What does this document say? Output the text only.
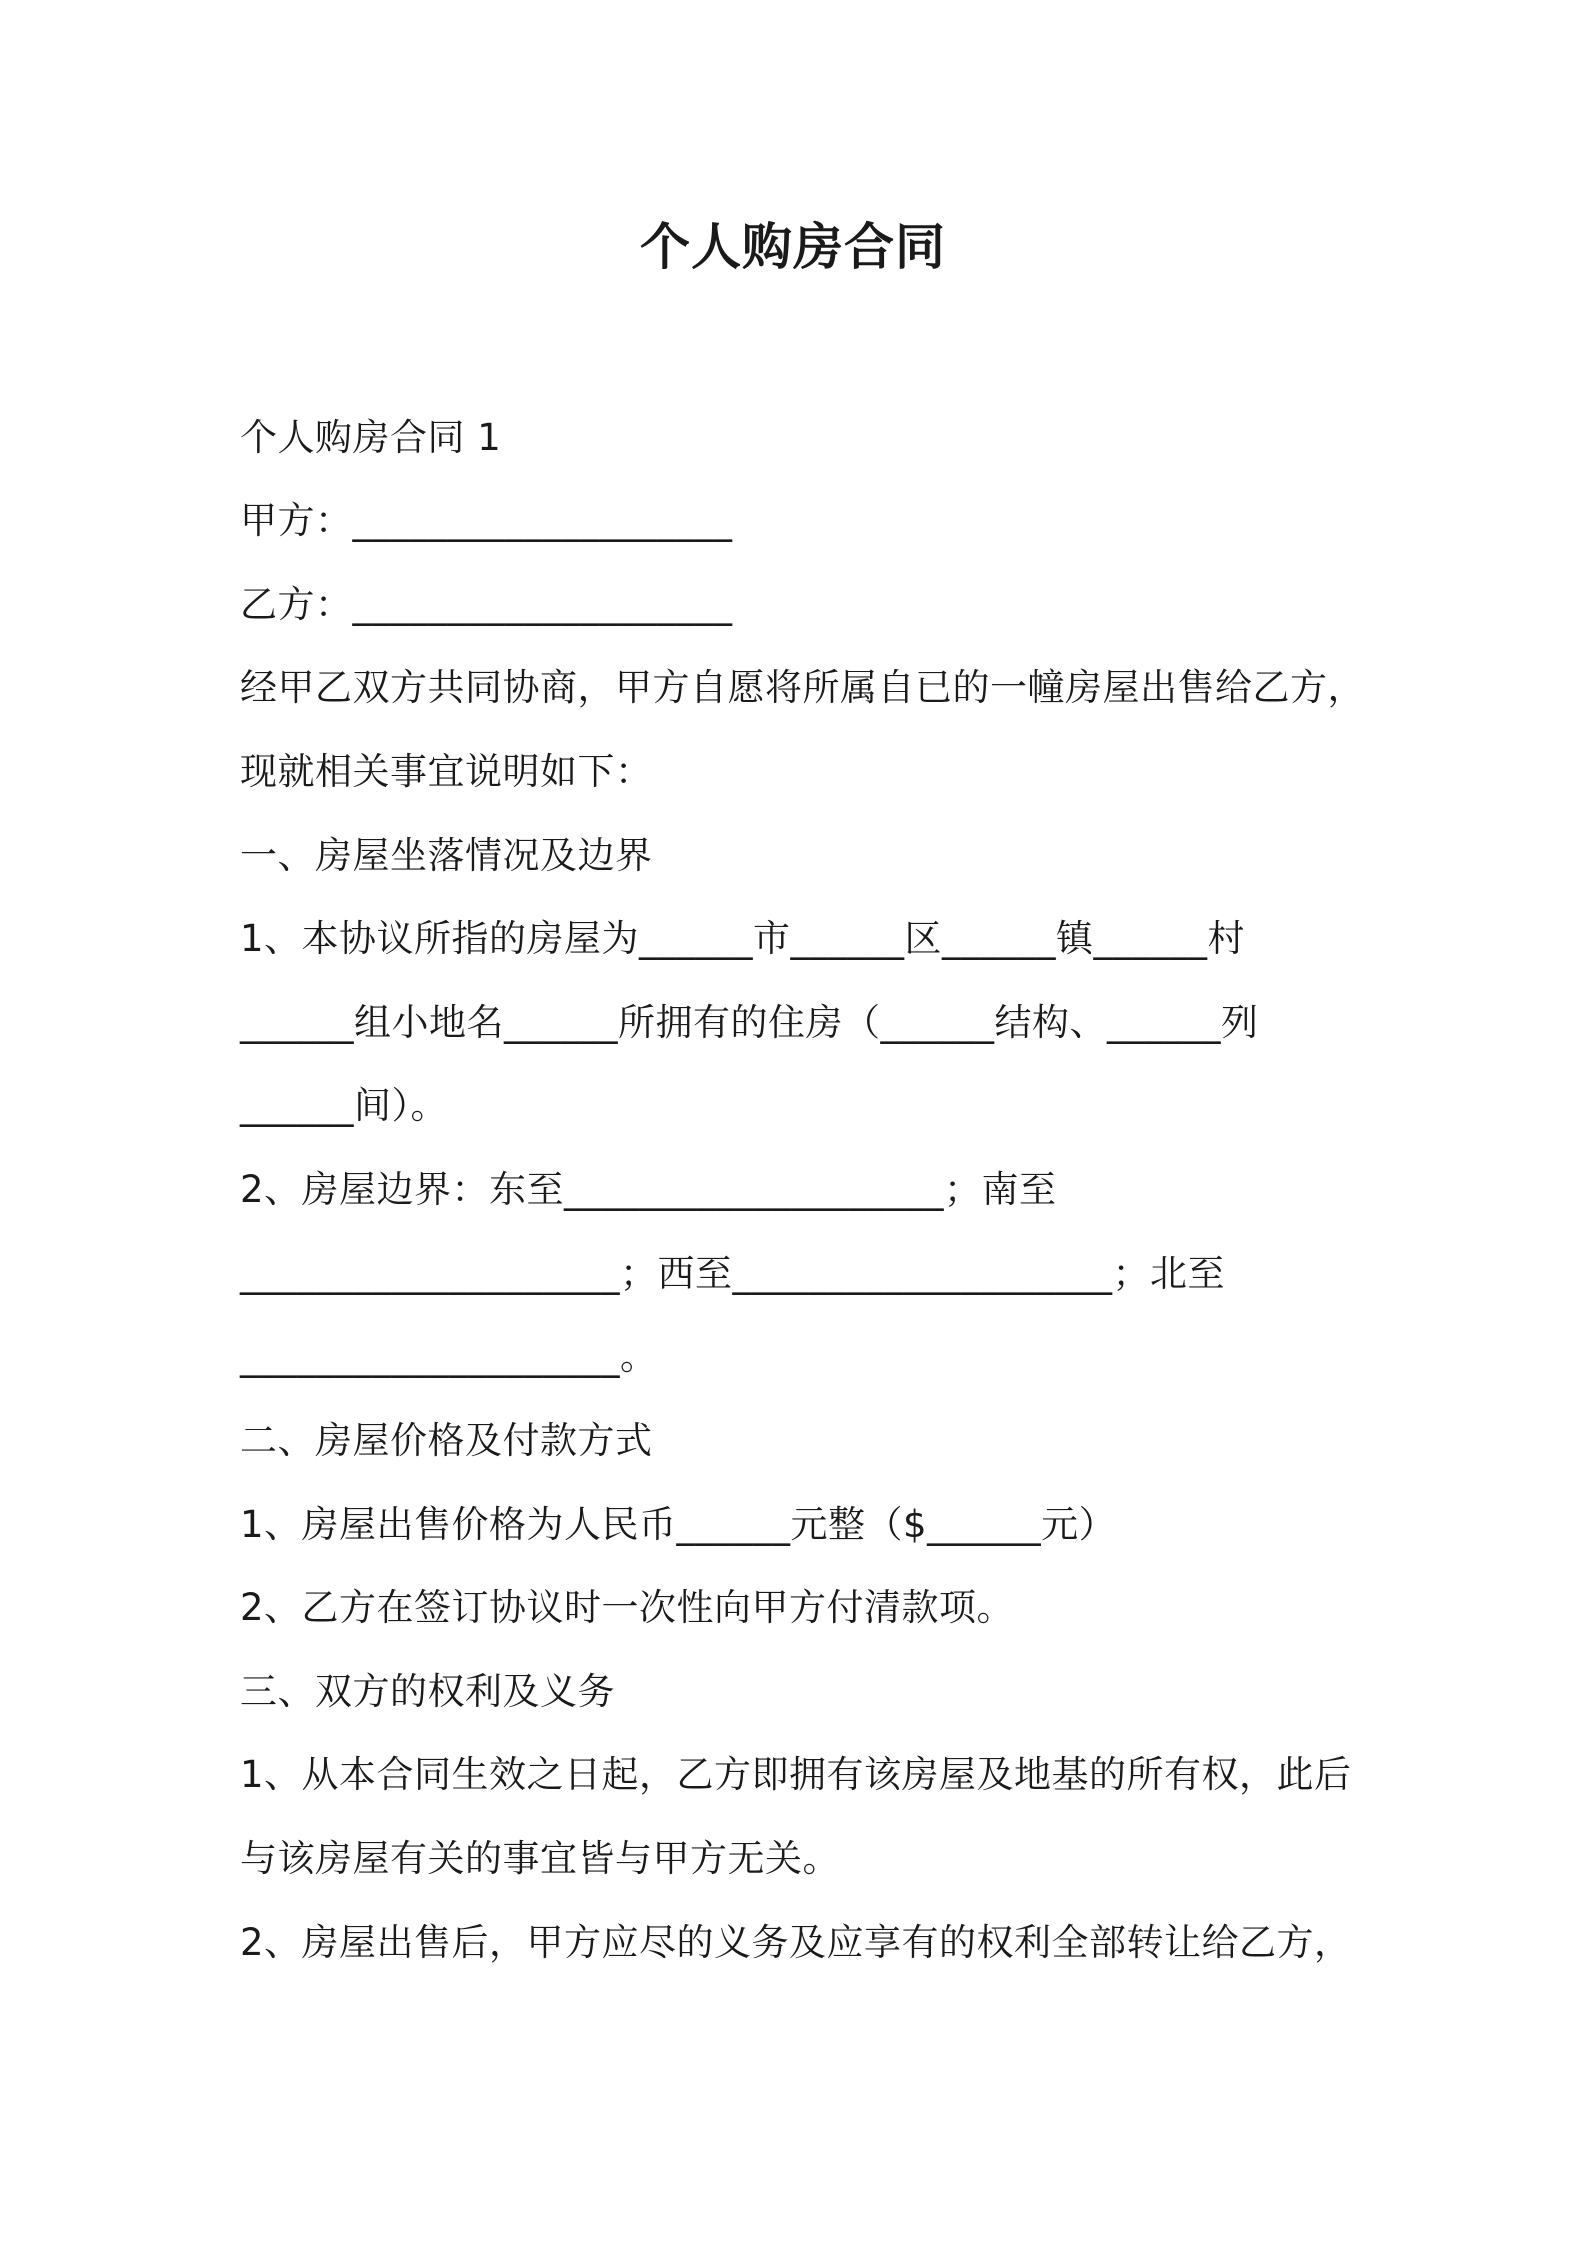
个人购房合同
个人购房合同 1
甲方：____________________
乙方：____________________
经甲乙双方共同协商，甲方自愿将所属自已的一幢房屋出售给乙方，
现就相关事宜说明如下：
一、房屋坐落情况及边界
1、本协议所指的房屋为______市______区______镇______村
______组小地名______所拥有的住房（______结构、______列
______间）。
2、房屋边界：东至____________________；南至
____________________；西至____________________；北至
____________________。
二、房屋价格及付款方式
1、房屋出售价格为人民币______元整（$______元）
2、乙方在签订协议时一次性向甲方付清款项。
三、双方的权利及义务
1、从本合同生效之日起，乙方即拥有该房屋及地基的所有权，此后
与该房屋有关的事宜皆与甲方无关。
2、房屋出售后，甲方应尽的义务及应享有的权利全部转让给乙方，
